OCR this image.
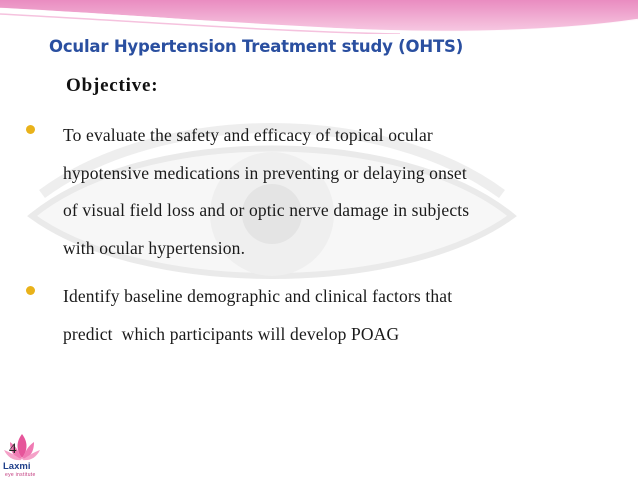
Ocular Hypertension Treatment study (OHTS)
Objective:
To evaluate the safety and efficacy of topical ocular
hypotensive medications in preventing or delaying onset
of visual field loss and or optic nerve damage in subjects
with ocular hypertension.
Identify baseline demographic and clinical factors that
predict  which participants will develop POAG
4
Laxmi
eye institute
